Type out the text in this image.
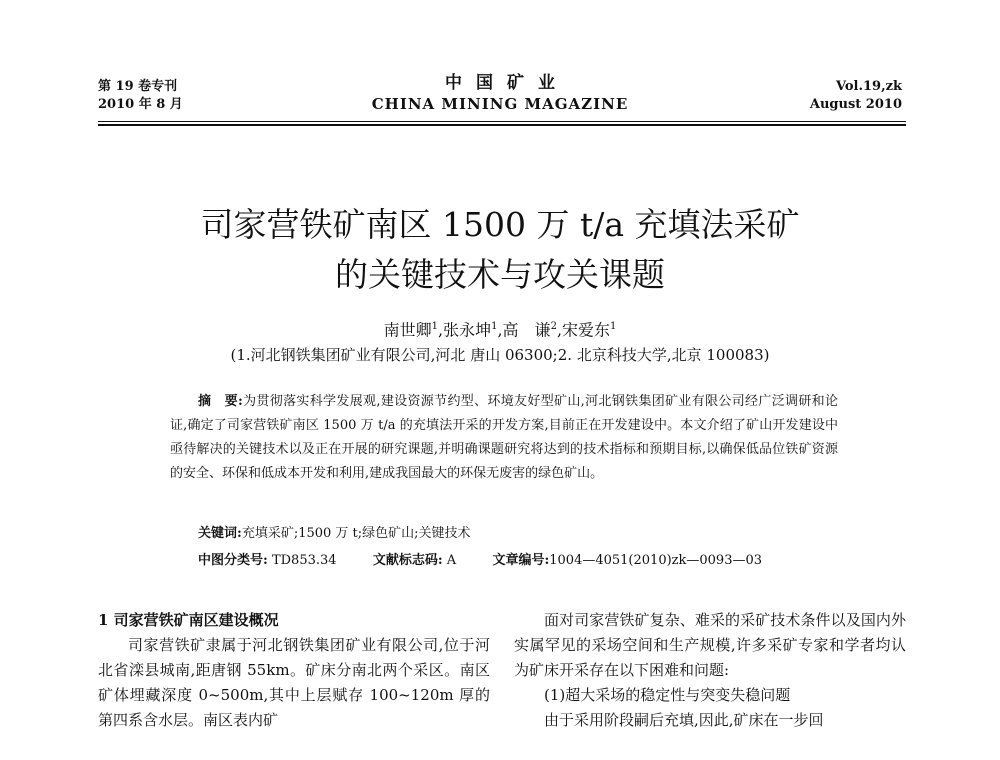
第 19 卷专刊
2010 年 8 月
中国矿业
CHINA MINING MAGAZINE
Vol.19,zk
August 2010
司家营铁矿南区 1500 万 t/a 充填法采矿
的关键技术与攻关课题
南世卿$^1$,张永坤$^1$,高　谦$^2$,宋爱东$^1$
(1.河北钢铁集团矿业有限公司,河北 唐山 06300;2. 北京科技大学,北京 100083)
摘　要:为贯彻落实科学发展观,建设资源节约型、环境友好型矿山,河北钢铁集团矿业有限公司经广泛调研和论证,确定了司家营铁矿南区 1500 万 t/a 的充填法开采的开发方案,目前正在开发建设中。本文介绍了矿山开发建设中亟待解决的关键技术以及正在开展的研究课题,并明确课题研究将达到的技术指标和预期目标,以确保低品位铁矿资源的安全、环保和低成本开发和利用,建成我国最大的环保无废害的绿色矿山。
关键词:充填采矿;1500 万 t;绿色矿山;关键技术
中图分类号: TD853.34	文献标志码: A	文章编号:1004—4051(2010)zk—0093—03
1 司家营铁矿南区建设概况

司家营铁矿隶属于河北钢铁集团矿业有限公司,位于河北省滦县城南,距唐钢 55km。矿床分南北两个采区。南区矿体埋藏深度 0~500m,其中上层赋存 100~120m 厚的第四系含水层。南区表内矿

面对司家营铁矿复杂、难采的采矿技术条件以及国内外实属罕见的采场空间和生产规模,许多采矿专家和学者均认为矿床开采存在以下困难和问题:

(1)超大采场的稳定性与突变失稳问题

由于采用阶段嗣后充填,因此,矿床在一步回
